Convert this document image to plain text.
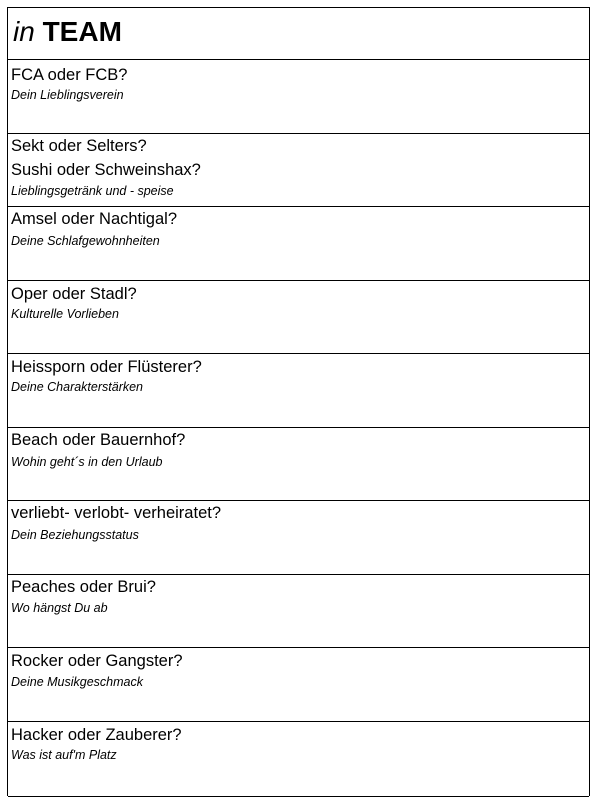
in TEAM
FCA oder FCB?
Dein Lieblingsverein
Sekt oder Selters?
Sushi oder Schweinshax?
Lieblingsgetränk und - speise
Amsel oder Nachtigal?
Deine Schlafgewohnheiten
Oper oder Stadl?
Kulturelle Vorlieben
Heissporn oder Flüsterer?
Deine Charakterstärken
Beach oder Bauernhof?
Wohin geht´s in den Urlaub
verliebt- verlobt- verheiratet?
Dein Beziehungsstatus
Peaches oder Brui?
Wo hängst Du ab
Rocker oder Gangster?
Deine Musikgeschmack
Hacker oder Zauberer?
Was ist auf'm Platz
